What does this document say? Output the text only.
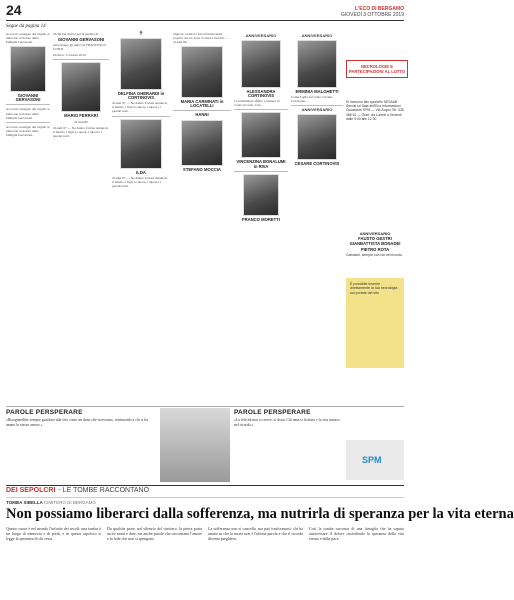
24	L'ECO DI BERGAMO
GIOVEDÌ 3 OTTOBRE 2019
Segue da pagina 14

Accorato sostegno dei cugini: si uniscono al dolore della famiglia Gervasoni.

GIOVANNI GERVASONI

Accorato sostegno dei cugini: si uniscono al dolore della famiglia Gervasoni.

Accorato sostegno dei cugini: si uniscono al dolore della famiglia Gervasoni.

Vicini nel dolore per la perdita di

GIOVANNI GERVASONI

partecipano gli amici di FRANCESCO CONTI

Orobico, 3 ottobre 2019

MARIO FERRARI

di anni 80

di anni 97 — Ne danno il triste annuncio il marito, i figli, le nuore, i nipoti e i parenti tutti.

✝
DELFINA GHERARDI in CORTINOVIS

di anni 97 — Ne danno il triste annuncio il marito, i figli, le nuore, i nipoti e i parenti tutti.

ILDA

di anni 97 — Ne danno il triste annuncio il marito, i figli, le nuore, i nipoti e i parenti tutti.

Signore, rendici e fai si felicità nella propria che tu, dove ci attiri e trascini. — di anni 86

MARIA CARMINATI in LOCATELLI
HANNI
STEFANO MOCCIA
ANNIVERSARIO
ALESSANDRA CORTINOVIS

Con immutato affetto e sempre in vostro ricordo. Ciao.

VINCENZINA BONALUMI in RIVA
FRANCO MORETTI
ANNIVERSARIO
ERMINIA MALGHETTI

Come foglie sul vento colonne l'orizzonte...

ANNIVERSARIO
CESARE CORTINOVIS
NECROLOGIE E PARTECIPAZIONI AL LUTTO
Si ricevono allo sportello SESAAB Servizi srl Sala dell'Eco Informazioni Occasione SPM — Via Zogno Tel. 035 386 61 — Orari: da Lunedì a Venerdì dalle 9.00 alle 12.30
ANNIVERSARIO
FAUSTO GESTRI
GIANBATTISTA BONADEI
PIETRO ROTA

Carissimi, sempre con noi nel ricordo.

È possibile inserire direttamente la tua necrologia sul portale del sito
PAROLE PERSPERARE
«Bisognerebbe sempre guardare alla vita come un dono che riceviamo, restituendo a chi ci ha amato lo stesso amore.»
PAROLE PERSPERARE
«La felicità non si riceve, si dona. Chi ama si fa dono e la vita rinasce nel ricordo.»
SPM
DEI SEPOLCRI - LE TOMBE RACCONTANO
TOMBA SIBELLA CIMITERO DI BERGAMO
Non possiamo liberarci dalla sofferenza, ma nutrirla di speranza per la vita eterna
Questo cuore è nel mondo l'infinito dei secoli: una tomba è un luogo di memoria e di pietà, e in questo sepolcro si legge la speranza di chi resta.
Da qualche parte, nel silenzio del cimitero, la pietra porta incisi nomi e date, ma anche parole che raccontano l'amore e la fede che non si spengono.
La sofferenza non si cancella, ma può trasformarsi: chi ha amato sa che la morte non è l'ultima parola e che il ricordo diventa preghiera.
Così la tomba racconta di una famiglia che ha saputo attraversare il dolore custodendo la speranza della vita eterna e della pace.
